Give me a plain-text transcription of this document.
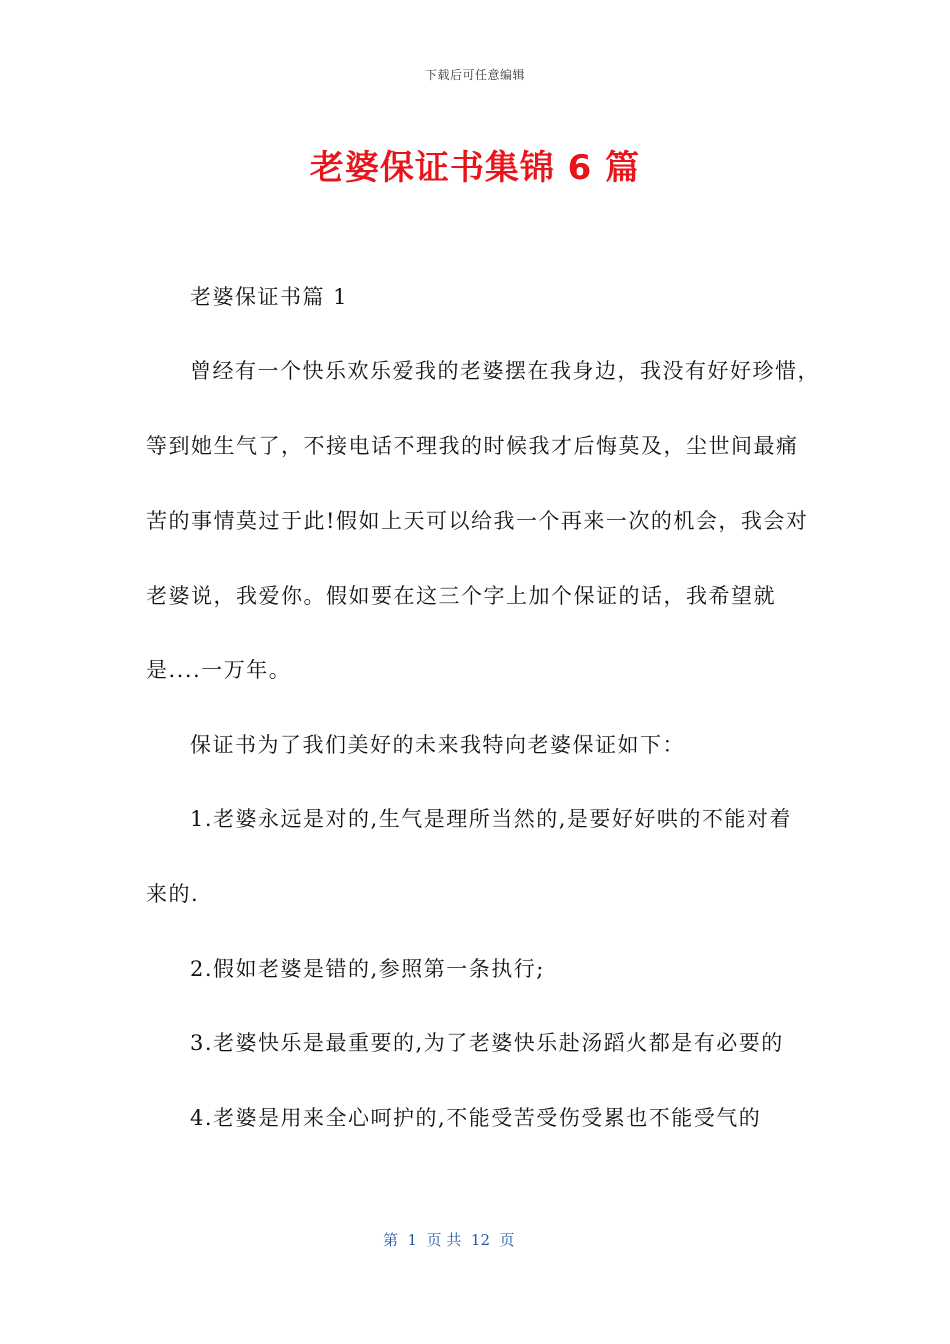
下载后可任意编辑
老婆保证书集锦 6 篇
老婆保证书篇 1
曾经有一个快乐欢乐爱我的老婆摆在我身边，我没有好好珍惜，
等到她生气了，不接电话不理我的时候我才后悔莫及，尘世间最痛
苦的事情莫过于此!假如上天可以给我一个再来一次的机会，我会对
老婆说，我爱你。假如要在这三个字上加个保证的话，我希望就
是....一万年。
保证书为了我们美好的未来我特向老婆保证如下：
1.老婆永远是对的,生气是理所当然的,是要好好哄的不能对着
来的.
2.假如老婆是错的,参照第一条执行;
3.老婆快乐是最重要的,为了老婆快乐赴汤蹈火都是有必要的
4.老婆是用来全心呵护的,不能受苦受伤受累也不能受气的
第  1  页 共  12  页
